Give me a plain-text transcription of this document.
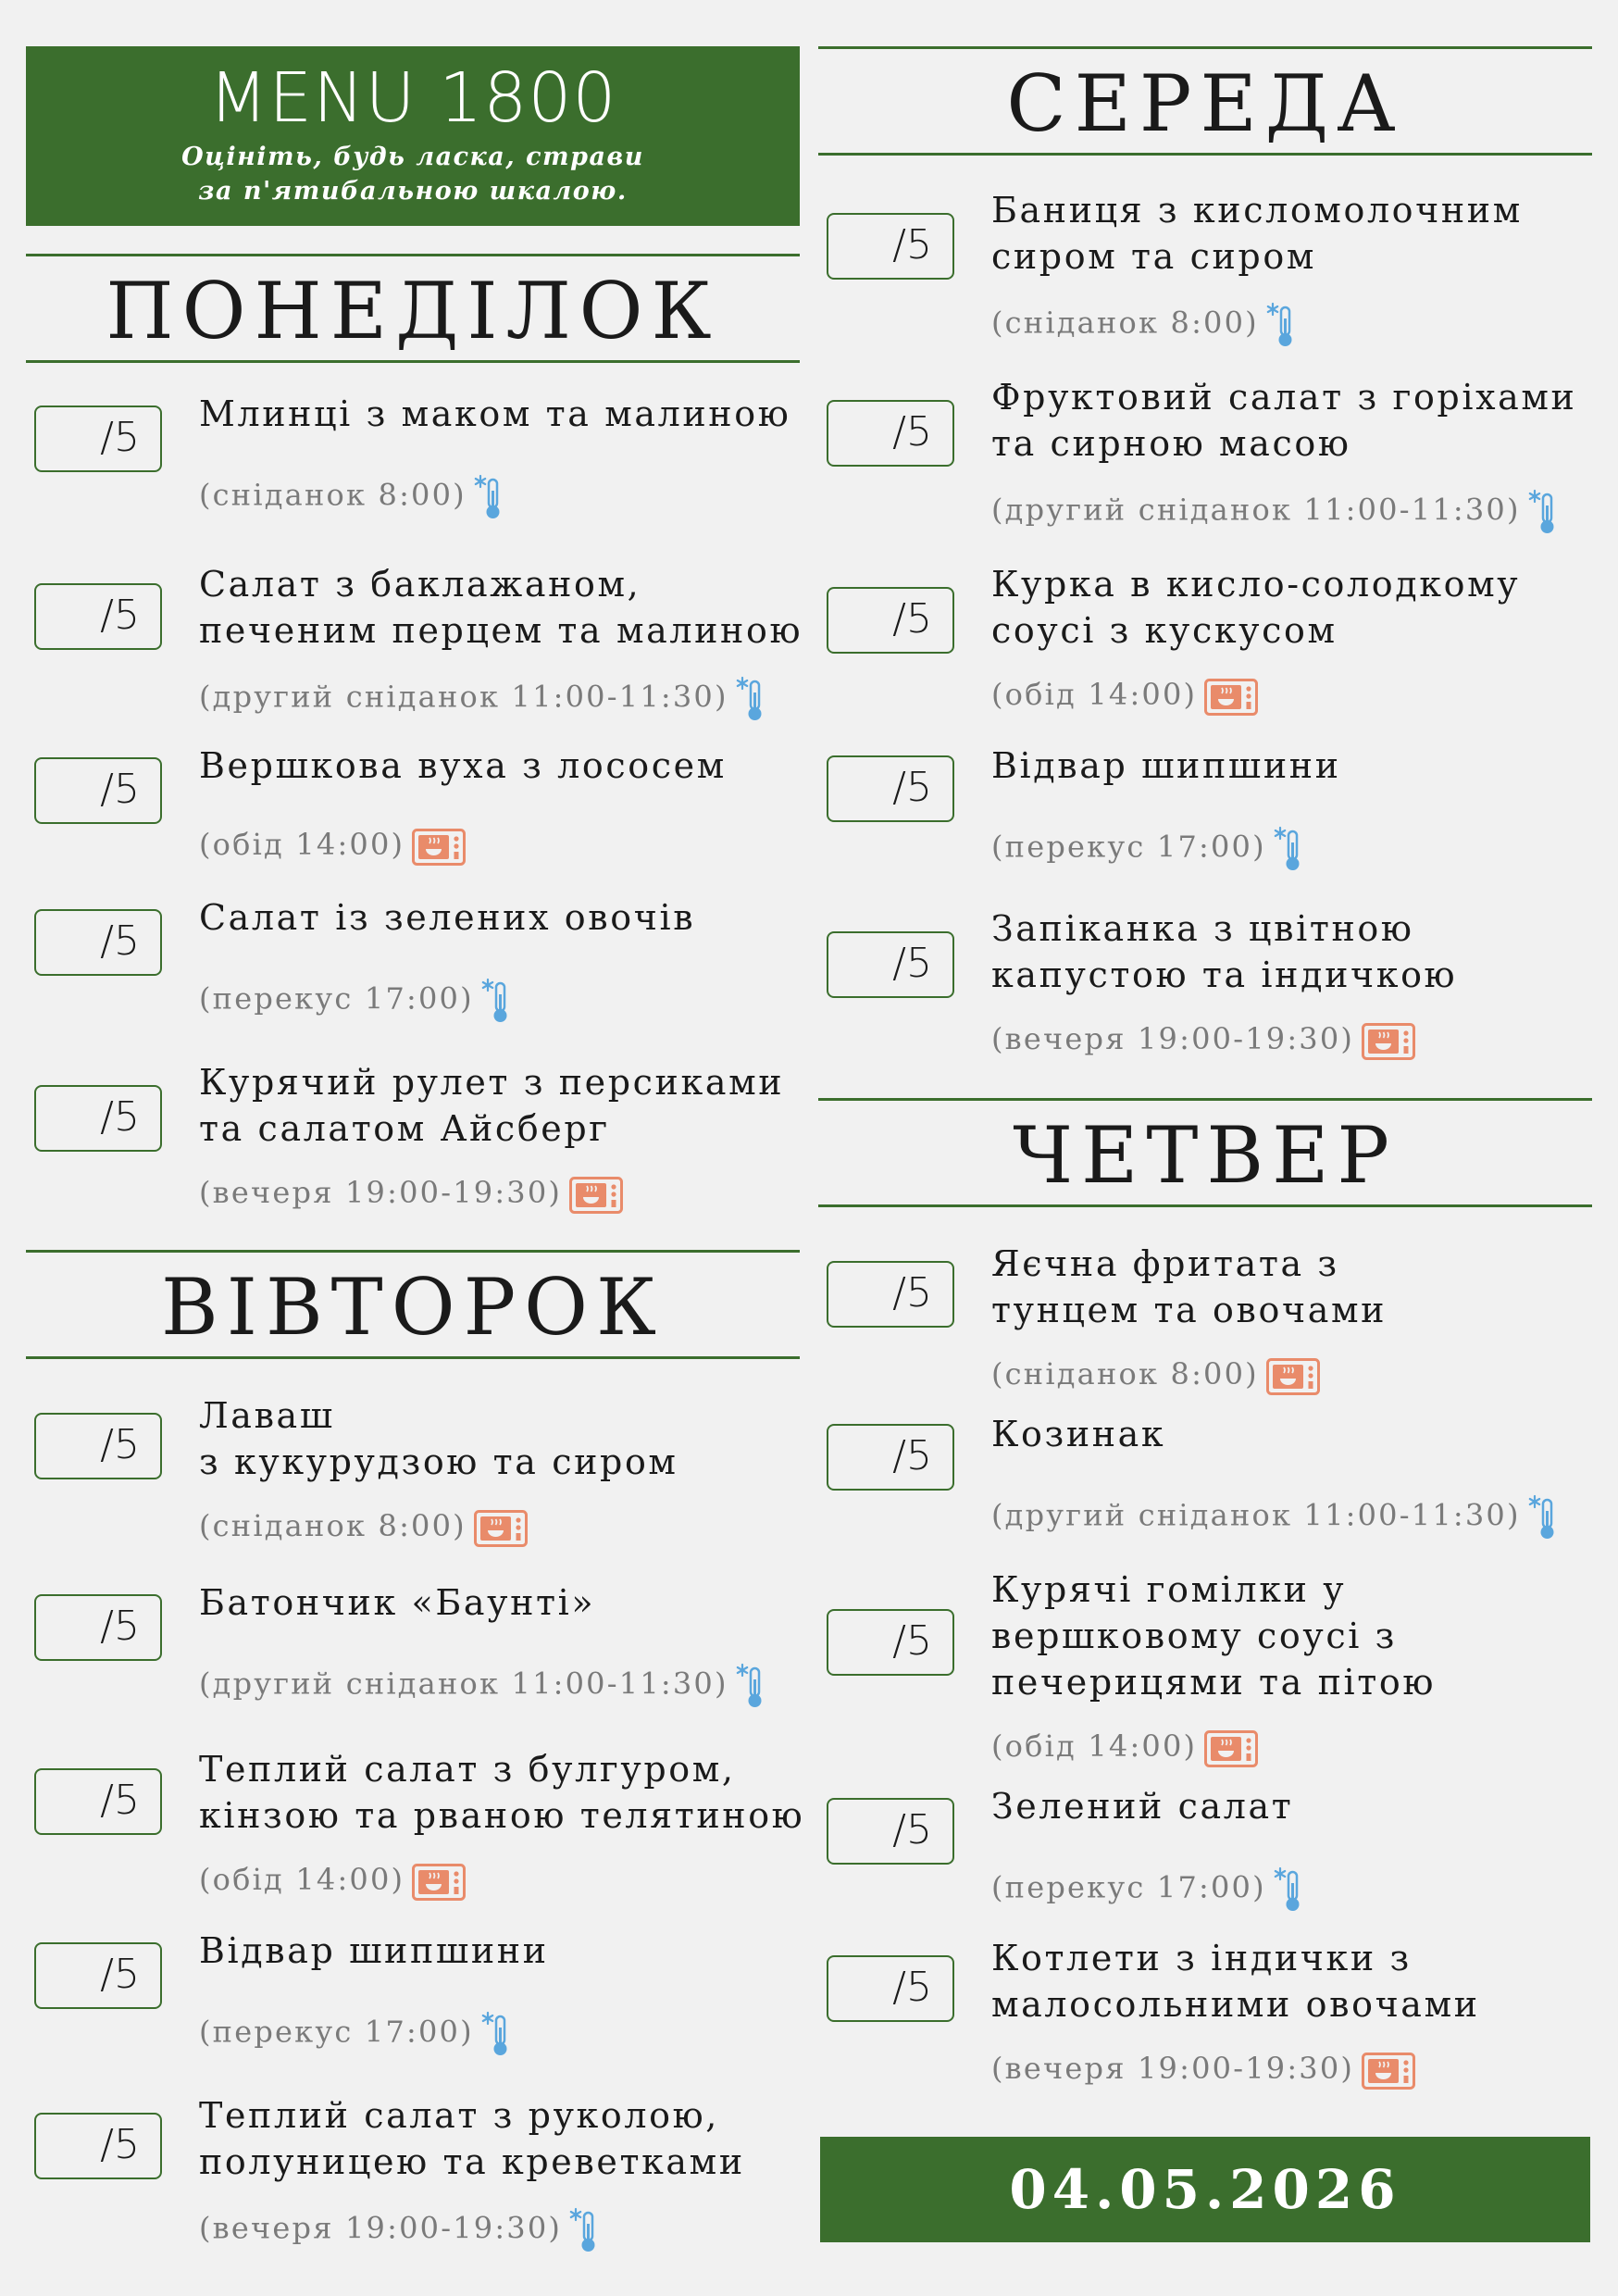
MENU 1800
Оцініть, будь ласка, страви
за п'ятибальною шкалою.
ПОНЕДІЛОК
/5	Млинці з маком та малиною
(сніданок 8:00)
/5
Салат з баклажаном,
печеним перцем та малиною
(другий сніданок 11:00-11:30)
/5	Вершкова вуха з лососем
(обід 14:00)
/5	Салат із зелених овочів
(перекус 17:00)
/5
Курячий рулет з персиками
та салатом Айсберг
(вечеря 19:00-19:30)
ВІВТОРОК
/5
Лаваш
з кукурудзою та сиром
(сніданок 8:00)
/5	Батончик «Баунті»
(другий сніданок 11:00-11:30)
/5
Теплий салат з булгуром,
кінзою та рваною телятиною
(обід 14:00)
/5	Відвар шипшини
(перекус 17:00)
/5
Теплий салат з руколою,
полуницею та креветками
(вечеря 19:00-19:30)
СЕРЕДА
/5
Баниця з кисломолочним
сиром та сиром
(сніданок 8:00)
/5
Фруктовий салат з горіхами
та сирною масою
(другий сніданок 11:00-11:30)
/5
Курка в кисло-солодкому
соусі з кускусом
(обід 14:00)
/5	Відвар шипшини
(перекус 17:00)
/5
Запіканка з цвітною
капустою та індичкою
(вечеря 19:00-19:30)
ЧЕТВЕР
/5
Яєчна фритата з
тунцем та овочами
(сніданок 8:00)
/5	Козинак
(другий сніданок 11:00-11:30)
/5
Курячі гомілки у
вершковому соусі з
печерицями та пітою
(обід 14:00)
/5	Зелений салат
(перекус 17:00)
/5
Котлети з індички з
малосольними овочами
(вечеря 19:00-19:30)
04.05.2026
